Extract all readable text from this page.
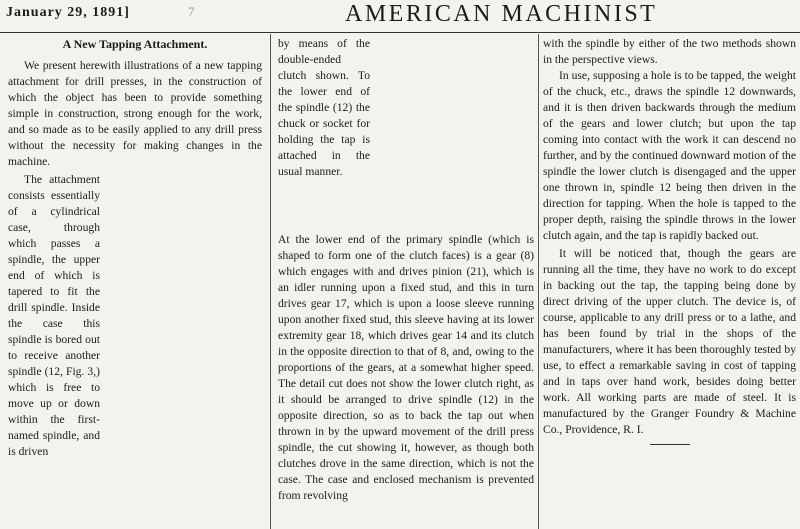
January 29, 1891]	7	AMERICAN MACHINIST
A New Tapping Attachment.

We present herewith illustrations of a new tapping attachment for drill presses, in the construction of which the object has been to provide something simple in construction, strong enough for the work, and so made as to be easily applied to any drill press without the necessity for making changes in the machine.

The attachment consists essentially of a cylindrical case, through which passes a spindle, the upper end of which is tapered to fit the drill spindle. Inside the case this spindle is bored out to receive another spindle (12, Fig. 3,) which is free to move up or down within the first-named spindle, and is driven

by means of the double-ended clutch shown. To the lower end of the spindle (12) the chuck or socket for holding the tap is attached in the usual manner.

At the lower end of the primary spindle (which is shaped to form one of the clutch faces) is a gear (8) which engages with and drives pinion (21), which is an idler running upon a fixed stud, and this in turn drives gear 17, which is upon a loose sleeve running upon another fixed stud, this sleeve having at its lower extremity gear 18, which drives gear 14 and its clutch in the opposite direction to that of 8, and, owing to the proportions of the gears, at a somewhat higher speed. The detail cut does not show the lower clutch right, as it should be arranged to drive spindle (12) in the opposite direction, so as to back the tap out when thrown in by the upward movement of the drill press spindle, the cut showing it, however, as though both clutches drove in the same direction, which is not the case. The case and enclosed mechanism is prevented from revolving

with the spindle by either of the two methods shown in the perspective views.

In use, supposing a hole is to be tapped, the weight of the chuck, etc., draws the spindle 12 downwards, and it is then driven backwards through the medium of the gears and lower clutch; but upon the tap coming into contact with the work it can descend no further, and by the continued downward motion of the spindle the lower clutch is disengaged and the upper one thrown in, spindle 12 being then driven in the direction for tapping. When the hole is tapped to the proper depth, raising the spindle throws in the lower clutch again, and the tap is rapidly backed out.

It will be noticed that, though the gears are running all the time, they have no work to do except in backing out the tap, the tapping being done by direct driving of the upper clutch. The device is, of course, applicable to any drill press or to a lathe, and has been found by trial in the shops of the manufacturers, where it has been thoroughly tested by use, to effect a remarkable saving in cost of tapping and in taps over hand work, besides doing better work. All working parts are made of steel. It is manufactured by the Granger Foundry & Machine Co., Providence, R. I.
